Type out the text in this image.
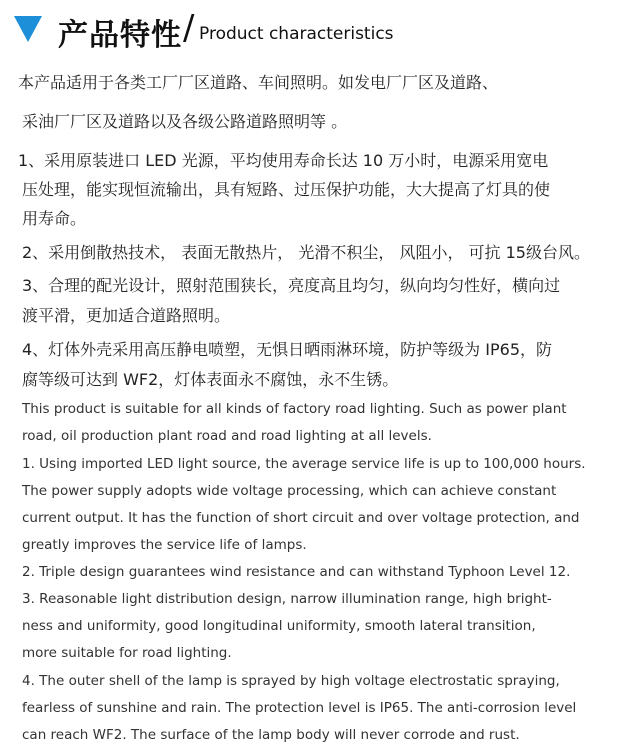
产品特性 / Product characteristics
本产品适用于各类工厂厂区道路、车间照明。如发电厂厂区及道路、
采油厂厂区及道路以及各级公路道路照明等 。
1、采用原装进口 LED 光源，平均使用寿命长达 10 万小时，电源采用宽电
压处理，能实现恒流输出，具有短路、过压保护功能，大大提高了灯具的使
用寿命。
2、采用倒散热技术， 表面无散热片， 光滑不积尘， 风阻小， 可抗 15级台风。
3、合理的配光设计，照射范围狭长，亮度高且均匀，纵向均匀性好，横向过
渡平滑，更加适合道路照明。
4、灯体外壳采用高压静电喷塑，无惧日晒雨淋环境，防护等级为 IP65，防
腐等级可达到 WF2，灯体表面永不腐蚀，永不生锈。
This product is suitable for all kinds of factory road lighting. Such as power plant
road, oil production plant road and road lighting at all levels.
1. Using imported LED light source, the average service life is up to 100,000 hours.
The power supply adopts wide voltage processing, which can achieve constant
current output. It has the function of short circuit and over voltage protection, and
greatly improves the service life of lamps.
2. Triple design guarantees wind resistance and can withstand Typhoon Level 12.
3. Reasonable light distribution design, narrow illumination range, high bright-
ness and uniformity, good longitudinal uniformity, smooth lateral transition,
more suitable for road lighting.
4. The outer shell of the lamp is sprayed by high voltage electrostatic spraying,
fearless of sunshine and rain. The protection level is IP65. The anti-corrosion level
can reach WF2. The surface of the lamp body will never corrode and rust.
